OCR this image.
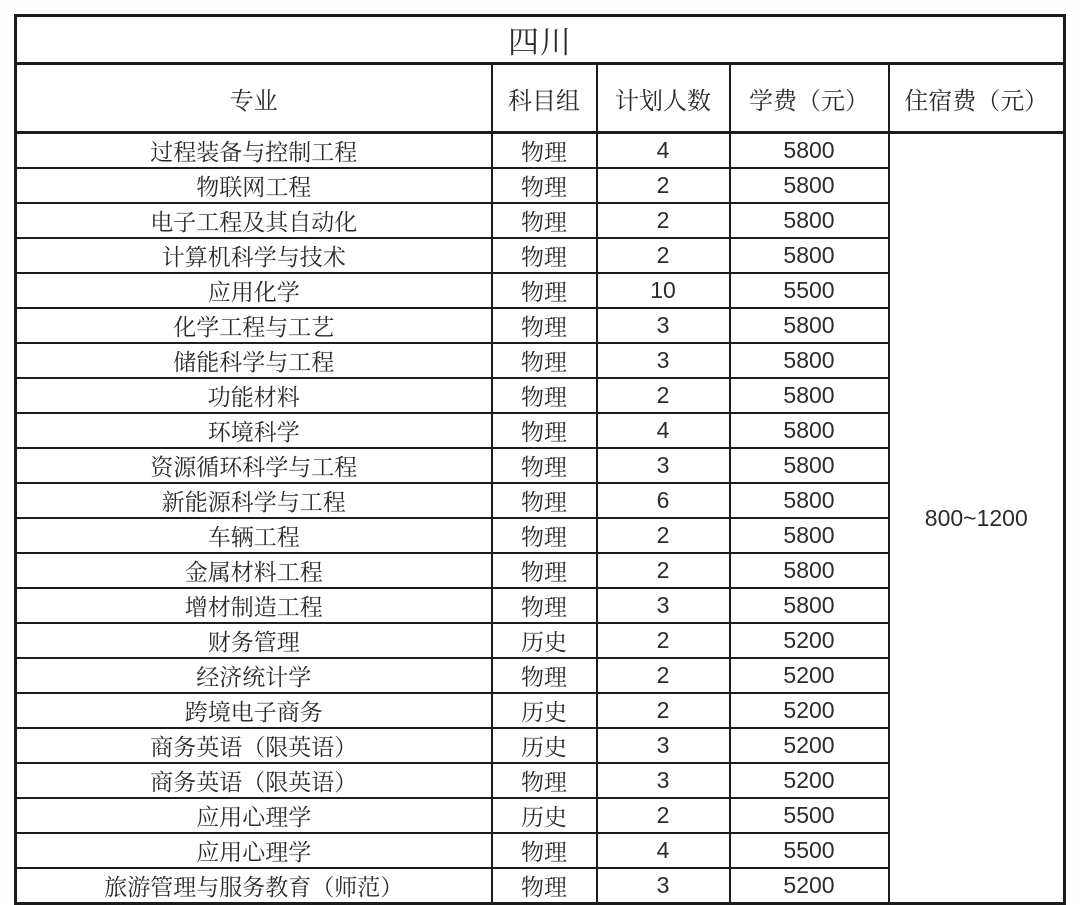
四川				
专业	科目组	计划人数	学费（元）	住宿费（元）
过程装备与控制工程	物理	4	5800	800~1200
物联网工程	物理	2	5800	
电子工程及其自动化	物理	2	5800	
计算机科学与技术	物理	2	5800	
应用化学	物理	10	5500	
化学工程与工艺	物理	3	5800	
储能科学与工程	物理	3	5800	
功能材料	物理	2	5800	
环境科学	物理	4	5800	
资源循环科学与工程	物理	3	5800	
新能源科学与工程	物理	6	5800	
车辆工程	物理	2	5800	
金属材料工程	物理	2	5800	
增材制造工程	物理	3	5800	
财务管理	历史	2	5200	
经济统计学	物理	2	5200	
跨境电子商务	历史	2	5200	
商务英语（限英语）	历史	3	5200	
商务英语（限英语）	物理	3	5200	
应用心理学	历史	2	5500	
应用心理学	物理	4	5500	
旅游管理与服务教育（师范）	物理	3	5200	
